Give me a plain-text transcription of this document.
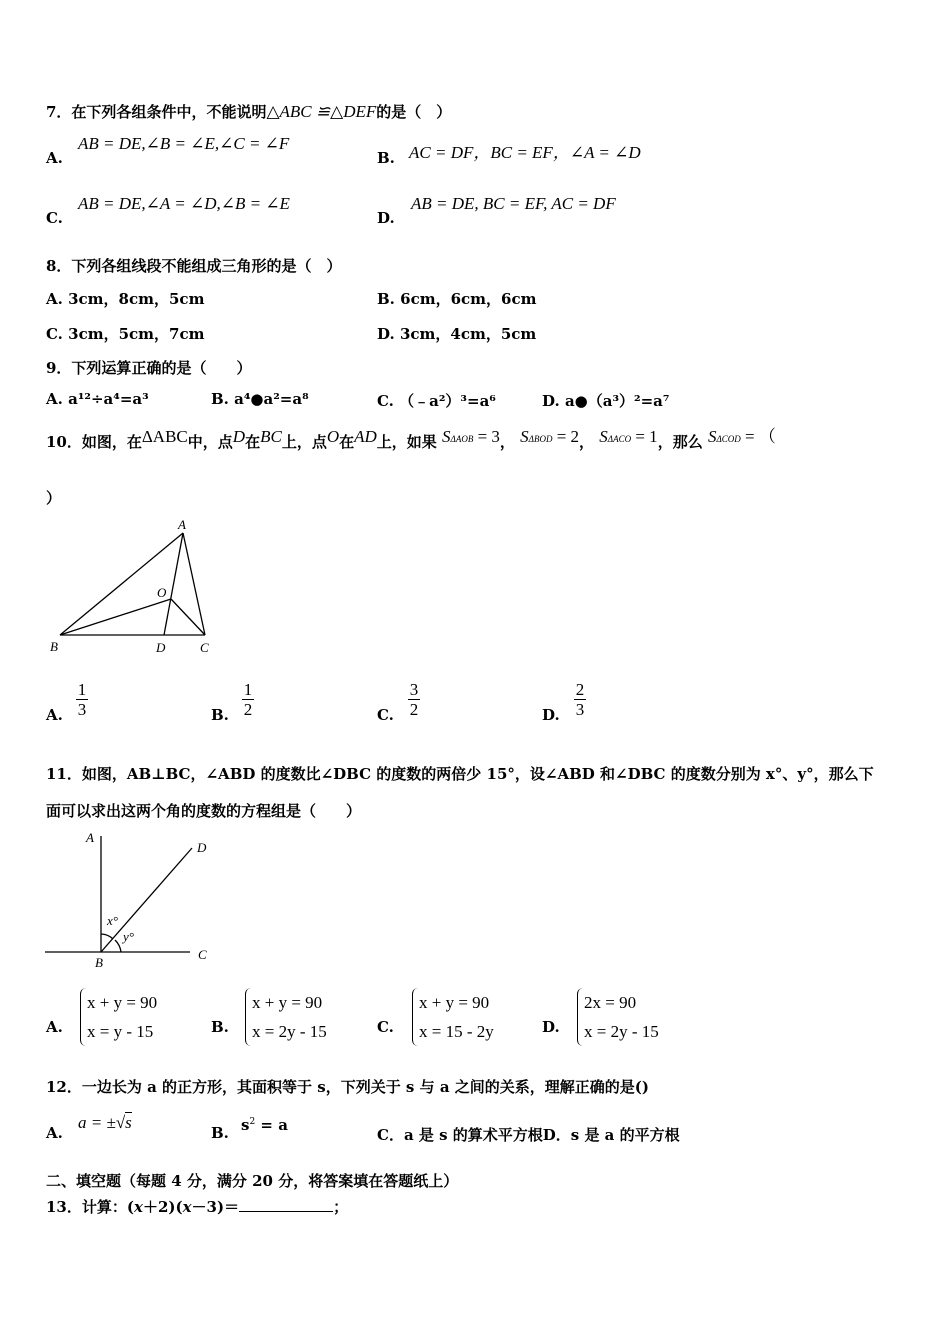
7．在下列各组条件中，不能说明△ABC ≌△DEF的是（　）
A.
AB = DE,∠B = ∠E,∠C = ∠F
B. AC = DF，BC = EF，∠A = ∠D
C.
AB = DE,∠A = ∠D,∠B = ∠E
D.
AB = DE, BC = EF, AC = DF
8．下列各组线段不能组成三角形的是（　）
A. 3cm，8cm，5cm	B. 6cm，6cm，6cm
C. 3cm，5cm，7cm	D. 3cm，4cm，5cm
9．下列运算正确的是（　　）
A. a¹²÷a⁴=a³	B. a⁴●a²=a⁸	C. （﹣a²）³=a⁶	D. a●（a³）²=a⁷
10．如图，在ΔABC中，点D在BC上，点O在AD上，如果 SΔAOB = 3， SΔBOD = 2， SΔACO = 1，那么 SΔCOD = （
）
A
B	D	C
O
A.
1
3	B.
1
2	C.
3
2	D.
2
3
11．如图，AB⊥BC，∠ABD 的度数比∠DBC 的度数的两倍少 15°，设∠ABD 和∠DBC 的度数分别为 x°、y°，那么下
面可以求出这两个角的度数的方程组是（　　）
A
B
C
D
x°
y°
A.
x + y = 90
x = y - 15	B.
x + y = 90
x = 2y - 15	C.
x + y = 90
x = 15 - 2y	D.
2x = 90
x = 2y - 15
12．一边长为 a 的正方形，其面积等于 s，下列关于 s 与 a 之间的关系，理解正确的是()
A.
a = ±√s
B. $s^2 = a$
C．a 是 s 的算术平方根D．s 是 a 的平方根
二、填空题（每题 4 分，满分 20 分，将答案填在答题纸上）
13．计算：(x＋2)(x－3)＝	；
